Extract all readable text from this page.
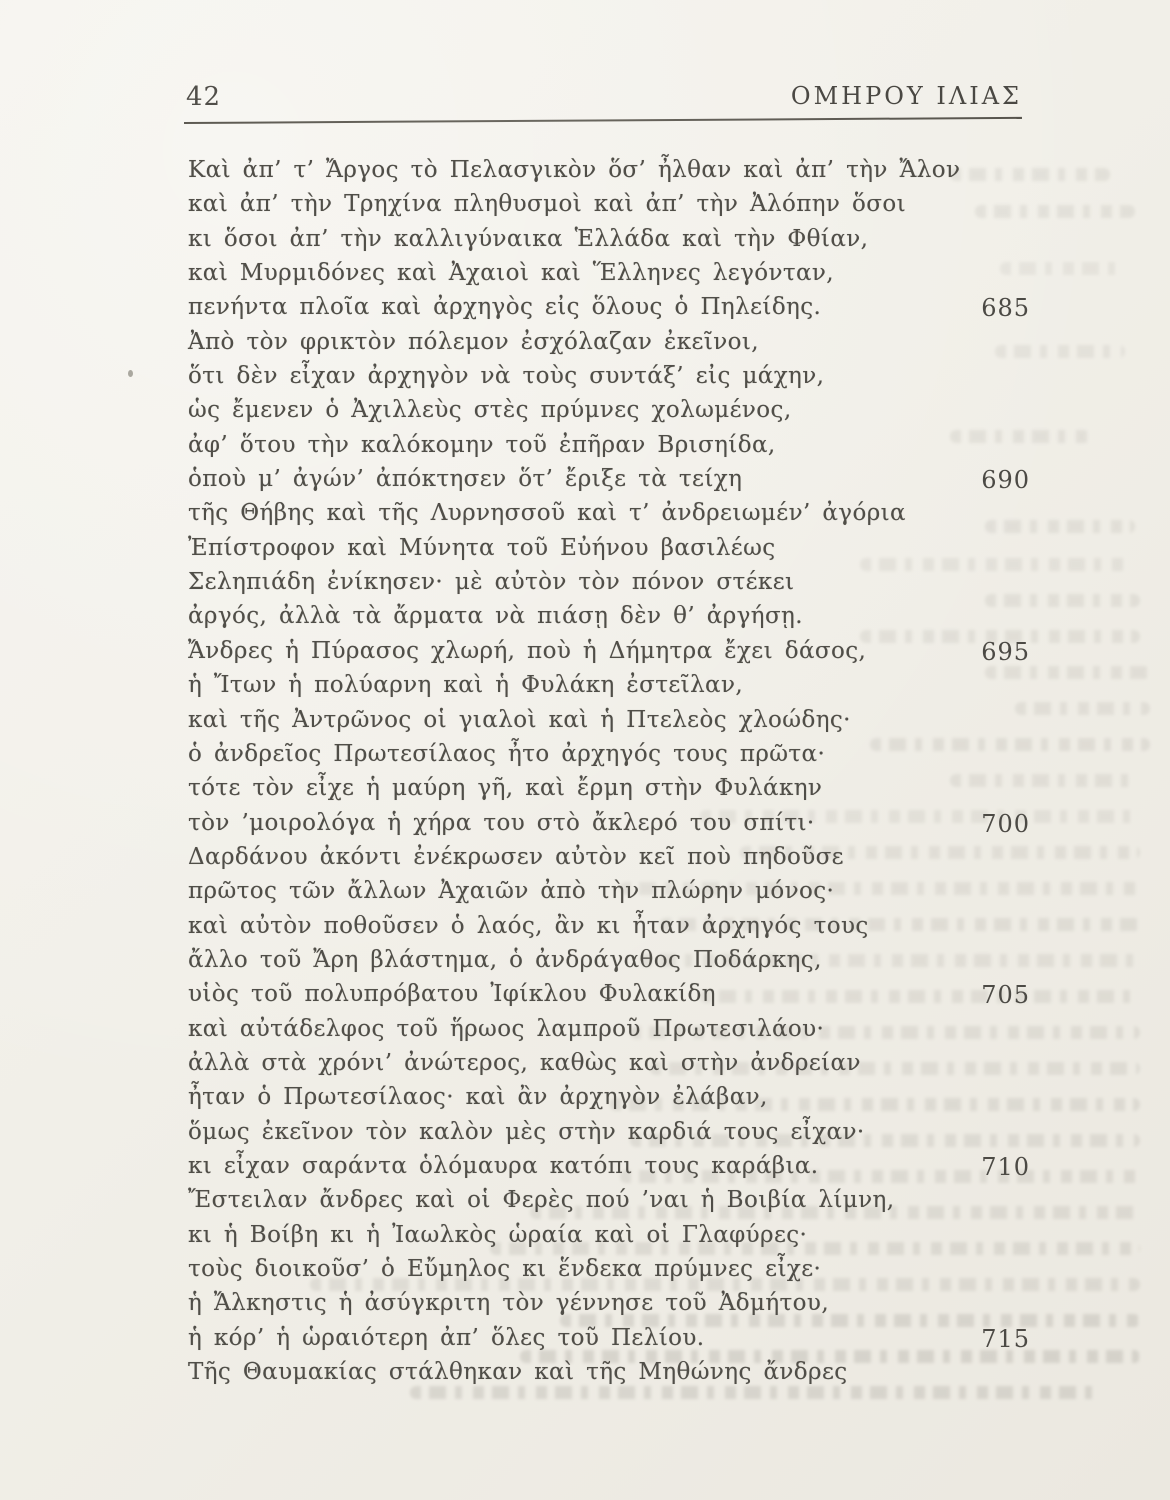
42	ΟΜΗΡΟΥ ΙΛΙΑΣ
Καὶ ἀπ’ τ’ Ἄργος τὸ Πελασγικὸν ὅσ’ ἦλθαν καὶ ἀπ’ τὴν Ἄλον
καὶ ἀπ’ τὴν Τρηχίνα πληθυσμοὶ καὶ ἀπ’ τὴν Ἀλόπην ὅσοι
κι ὅσοι ἀπ’ τὴν καλλιγύναικα Ἑλλάδα καὶ τὴν Φθίαν,
καὶ Μυρμιδόνες καὶ Ἀχαιοὶ καὶ Ἕλληνες λεγόνταν,
πενήντα πλοῖα καὶ ἀρχηγὸς εἰς ὅλους ὁ Πηλείδης.	685
Ἀπὸ τὸν φρικτὸν πόλεμον ἐσχόλαζαν ἐκεῖνοι,
ὅτι δὲν εἶχαν ἀρχηγὸν νὰ τοὺς συντάξ’ εἰς μάχην,
ὡς ἔμενεν ὁ Ἀχιλλεὺς στὲς πρύμνες χολωμένος,
ἀφ’ ὅτου τὴν καλόκομην τοῦ ἐπῆραν Βρισηίδα,
ὁποὺ μ’ ἀγών’ ἀπόκτησεν ὅτ’ ἔριξε τὰ τείχη	690
τῆς Θήβης καὶ τῆς Λυρνησσοῦ καὶ τ’ ἀνδρειωμέν’ ἀγόρια
Ἐπίστροφον καὶ Μύνητα τοῦ Εὐήνου βασιλέως
Σεληπιάδη ἐνίκησεν· μὲ αὐτὸν τὸν πόνον στέκει
ἀργός, ἀλλὰ τὰ ἄρματα νὰ πιάσῃ δὲν θ’ ἀργήσῃ.
Ἄνδρες ἡ Πύρασος χλωρή, ποὺ ἡ Δήμητρα ἔχει δάσος,	695
ἡ Ἴτων ἡ πολύαρνη καὶ ἡ Φυλάκη ἐστεῖλαν,
καὶ τῆς Ἀντρῶνος οἱ γιαλοὶ καὶ ἡ Πτελεὸς χλοώδης·
ὁ ἀνδρεῖος Πρωτεσίλαος ἦτο ἀρχηγός τους πρῶτα·
τότε τὸν εἶχε ἡ μαύρη γῆ, καὶ ἔρμη στὴν Φυλάκην
τὸν ’μοιρολόγα ἡ χήρα του στὸ ἄκλερό του σπίτι·	700
Δαρδάνου ἀκόντι ἐνέκρωσεν αὐτὸν κεῖ ποὺ πηδοῦσε
πρῶτος τῶν ἄλλων Ἀχαιῶν ἀπὸ τὴν πλώρην μόνος·
καὶ αὐτὸν ποθοῦσεν ὁ λαός, ἂν κι ἦταν ἀρχηγός τους
ἄλλο τοῦ Ἄρη βλάστημα, ὁ ἀνδράγαθος Ποδάρκης,
υἱὸς τοῦ πολυπρόβατου Ἰφίκλου Φυλακίδη	705
καὶ αὐτάδελφος τοῦ ἥρωος λαμπροῦ Πρωτεσιλάου·
ἀλλὰ στὰ χρόνι’ ἀνώτερος, καθὼς καὶ στὴν ἀνδρείαν
ἦταν ὁ Πρωτεσίλαος· καὶ ἂν ἀρχηγὸν ἐλάβαν,
ὅμως ἐκεῖνον τὸν καλὸν μὲς στὴν καρδιά τους εἶχαν·
κι εἶχαν σαράντα ὁλόμαυρα κατόπι τους καράβια.	710
Ἔστειλαν ἄνδρες καὶ οἱ Φερὲς πού ’ναι ἡ Βοιβία λίμνη,
κι ἡ Βοίβη κι ἡ Ἰαωλκὸς ὡραία καὶ οἱ Γλαφύρες·
τοὺς διοικοῦσ’ ὁ Εὔμηλος κι ἕνδεκα πρύμνες εἶχε·
ἡ Ἄλκηστις ἡ ἀσύγκριτη τὸν γέννησε τοῦ Ἀδμήτου,
ἡ κόρ’ ἡ ὡραιότερη ἀπ’ ὅλες τοῦ Πελίου.	715
Τῆς Θαυμακίας στάλθηκαν καὶ τῆς Μηθώνης ἄνδρες
